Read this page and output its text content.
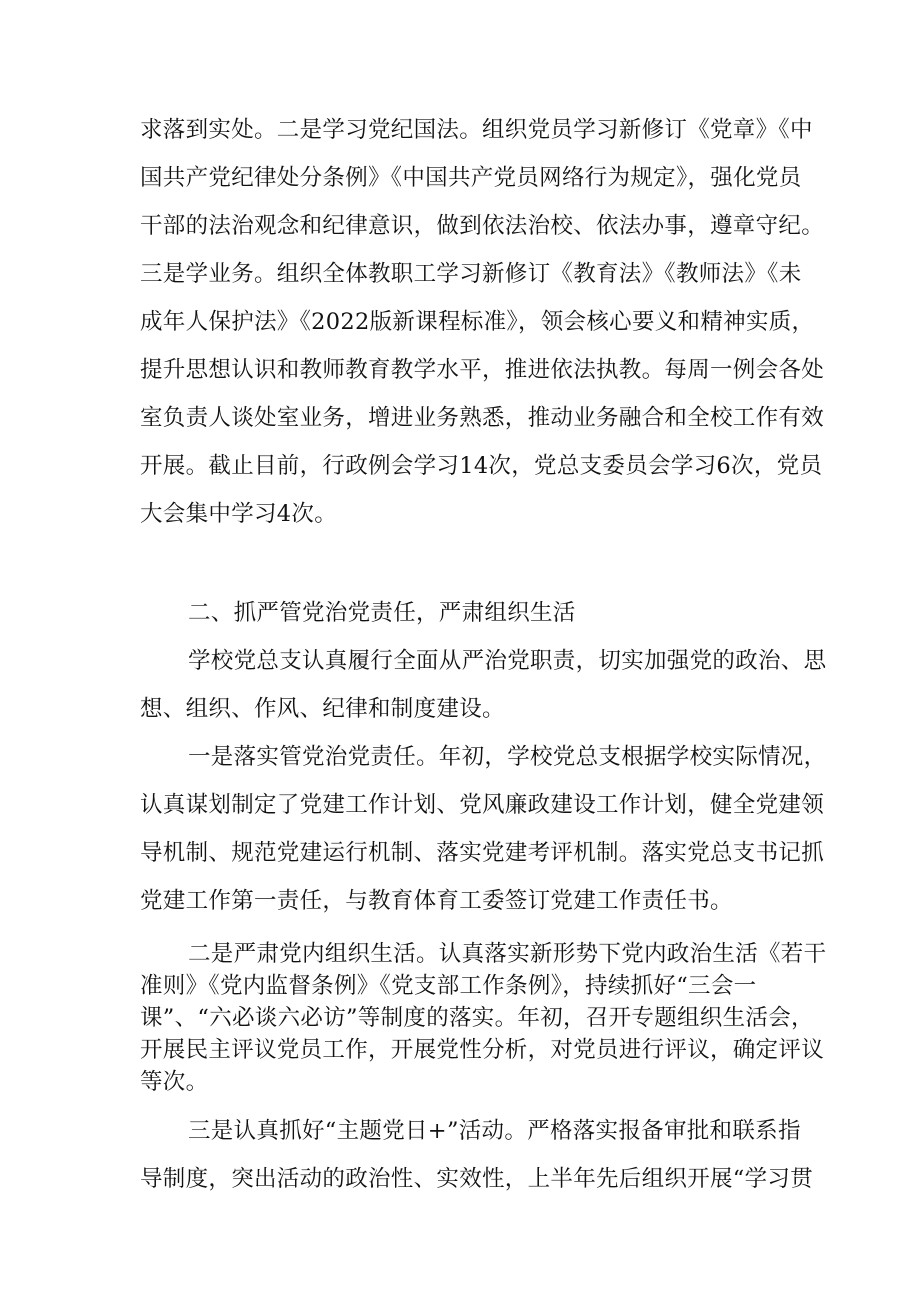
求落到实处。二是学习党纪国法。组织党员学习新修订《党章》《中
国共产党纪律处分条例》《中国共产党员网络行为规定》，强化党员
干部的法治观念和纪律意识，做到依法治校、依法办事，遵章守纪。
三是学业务。组织全体教职工学习新修订《教育法》《教师法》《未
成年人保护法》《2022版新课程标准》，领会核心要义和精神实质，
提升思想认识和教师教育教学水平，推进依法执教。每周一例会各处
室负责人谈处室业务，增进业务熟悉，推动业务融合和全校工作有效
开展。截止目前，行政例会学习14次，党总支委员会学习6次，党员
大会集中学习4次。
二、抓严管党治党责任，严肃组织生活
学校党总支认真履行全面从严治党职责，切实加强党的政治、思
想、组织、作风、纪律和制度建设。
一是落实管党治党责任。年初，学校党总支根据学校实际情况，
认真谋划制定了党建工作计划、党风廉政建设工作计划，健全党建领
导机制、规范党建运行机制、落实党建考评机制。落实党总支书记抓
党建工作第一责任，与教育体育工委签订党建工作责任书。
二是严肃党内组织生活。认真落实新形势下党内政治生活《若干
准则》《党内监督条例》《党支部工作条例》，持续抓好“三会一
课”、“六必谈六必访”等制度的落实。年初，召开专题组织生活会，
开展民主评议党员工作，开展党性分析，对党员进行评议，确定评议
等次。
三是认真抓好“主题党日+”活动。严格落实报备审批和联系指
导制度，突出活动的政治性、实效性，上半年先后组织开展“学习贯
